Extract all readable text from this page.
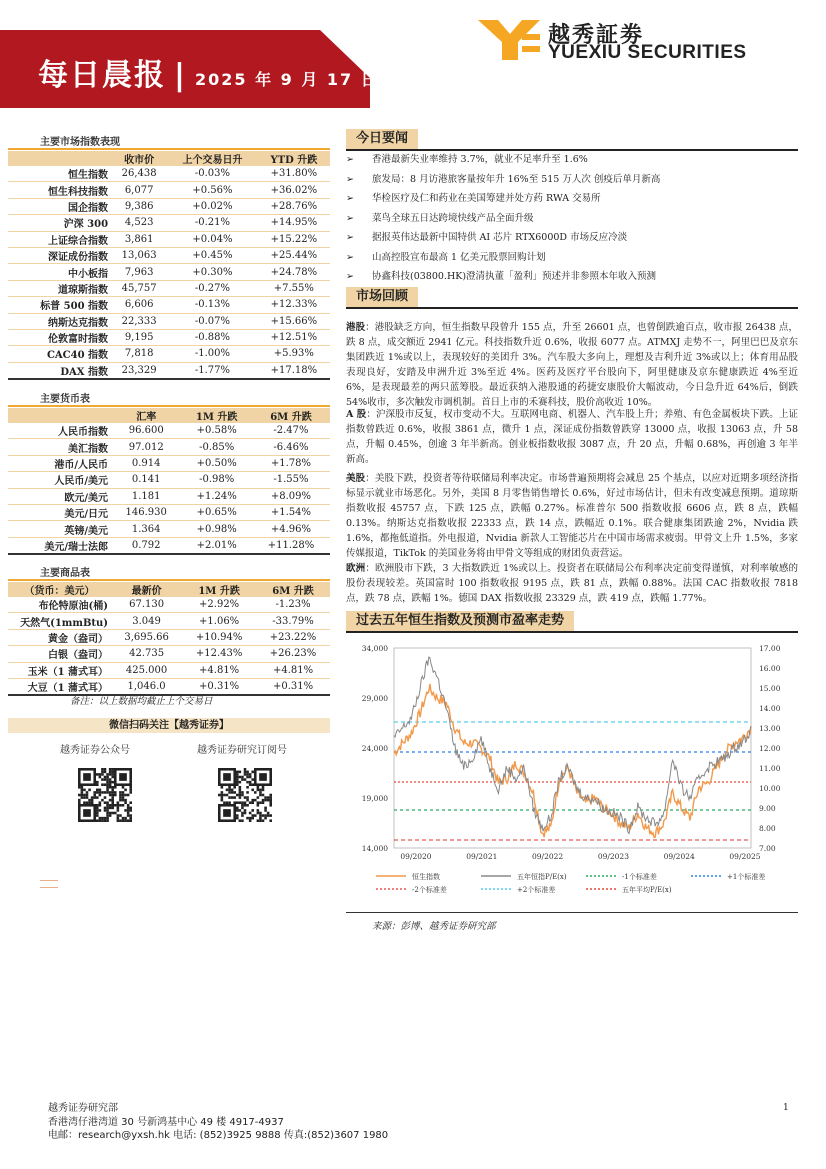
每日晨报 | 2025 年 9 月 17 日
越秀証劵
YUEXIU SECURITIES
主要市场指数表现
	收市价	上个交易日升	YTD 升跌
恒生指数	26,438	-0.03%	+31.80%
恒生科技指数	6,077	+0.56%	+36.02%
国企指数	9,386	+0.02%	+28.76%
沪深 300	4,523	-0.21%	+14.95%
上证综合指数	3,861	+0.04%	+15.22%
深证成份指数	13,063	+0.45%	+25.44%
中小板指	7,963	+0.30%	+24.78%
道琼斯指数	45,757	-0.27%	+7.55%
标普 500 指数	6,606	-0.13%	+12.33%
纳斯达克指数	22,333	-0.07%	+15.66%
伦敦富时指数	9,195	-0.88%	+12.51%
CAC40 指数	7,818	-1.00%	+5.93%
DAX 指数	23,329	-1.77%	+17.18%
主要货币表
	汇率	1M 升跌	6M 升跌
人民币指数	96.600	+0.58%	-2.47%
美汇指数	97.012	-0.85%	-6.46%
港币/人民币	0.914	+0.50%	+1.78%
人民币/美元	0.141	-0.98%	-1.55%
欧元/美元	1.181	+1.24%	+8.09%
美元/日元	146.930	+0.65%	+1.54%
英镑/美元	1.364	+0.98%	+4.96%
美元/瑞士法郎	0.792	+2.01%	+11.28%
主要商品表
（货币：美元）	最新价	1M 升跌	6M 升跌
布伦特原油(桶)	67.130	+2.92%	-1.23%
天然气(1mmBtu)	3.049	+1.06%	-33.79%
黄金（盎司）	3,695.66	+10.94%	+23.22%
白银（盎司）	42.735	+12.43%	+26.23%
玉米（1 蒲式耳）	425.000	+4.81%	+4.81%
大豆（1 蒲式耳）	1,046.0	+0.31%	+0.31%
备注：以上数据均截止上个交易日
微信扫码关注【越秀证券】
越秀证券公众号	越秀证券研究订阅号
今日要闻
➢ 香港最新失业率维持 3.7%，就业不足率升至 1.6%
➢ 旅发局：8 月访港旅客量按年升 16%至 515 万人次 创疫后单月新高
➢ 华检医疗及仁和药业在美国筹建并处方药 RWA 交易所
➢ 菜鸟全球五日达跨境快线产品全面升级
➢ 据报英伟达最新中国特供 AI 芯片 RTX6000D 市场反应冷淡
➢ 山高控股宣布最高 1 亿美元股票回购计划
➢ 协鑫科技(03800.HK)澄清执董「盈利」预述并非参照本年收入预测
市场回顾
港股：港股缺乏方向，恒生指数早段曾升 155 点，升至 26601 点，也曾倒跌逾百点，收市报 26438 点，跌 8 点，成交额近 2941 亿元。科技指数升近 0.6%，收报 6077 点。ATMXJ 走势不一，阿里巴巴及京东集团跌近 1%或以上，表现较好的美团升 3%。汽车股大多向上，理想及吉利升近 3%或以上；体育用品股表现良好，安踏及申洲升近 3%至近 4%。医药及医疗平台股向下，阿里健康及京东健康跌近 4%至近 6%，是表现最差的两只蓝筹股。最近获纳入港股通的药捷安康股价大幅波动，今日急升近 64%后，倒跌 54%收市，多次触发市调机制。首日上市的禾赛科技，股价高收近 10%。
A 股：沪深股市反复，权市变动不大。互联网电商、机器人、汽车股上升；养殖、有色金属板块下跌。上证指数曾跌近 0.6%，收报 3861 点，微升 1 点，深证成份指数曾跌穿 13000 点，收报 13063 点，升 58 点，升幅 0.45%，创逾 3 年半新高。创业板指数收报 3087 点，升 20 点，升幅 0.68%，再创逾 3 年半新高。
美股：美股下跌，投资者等待联储局利率决定。市场普遍预期将会减息 25 个基点，以应对近期多项经济指标显示就业市场恶化。另外，美国 8 月零售销售增长 0.6%，好过市场估计，但未有改变减息预期。道琼斯指数收报 45757 点，下跌 125 点，跌幅 0.27%。标准普尔 500 指数收报 6606 点，跌 8 点，跌幅 0.13%。纳斯达克指数收报 22333 点，跌 14 点，跌幅近 0.1%。联合健康集团跌逾 2%，Nvidia 跌 1.6%，都拖低道指。外电报道，Nvidia 新款人工智能芯片在中国市场需求疲弱。甲骨文上升 1.5%，多家传媒报道，TikTok 的美国业务将由甲骨文等组成的财团负责营运。
欧洲：欧洲股市下跌，3 大指数跌近 1%或以上。投资者在联储局公布利率决定前变得谨慎，对利率敏感的股份表现较差。英国富时 100 指数收报 9195 点，跌 81 点，跌幅 0.88%。法国 CAC 指数收报 7818 点，跌 78 点，跌幅 1%。德国 DAX 指数收报 23329 点，跌 419 点，跌幅 1.77%。
过去五年恒生指数及预测市盈率走势
14,000
19,000
24,000
29,000
34,000
7.00
8.00
9.00
10.00
11.00
12.00
13.00
14.00
15.00
16.00
17.00
09/2020	09/2021	09/2022	09/2023	09/2024	09/2025
恒生指数	五年恒指P/E(x)	-1个标准差	+1个标准差
-2个标准差	+2个标准差	五年平均P/E(x)
来源：彭博、越秀证券研究部
越秀证券研究部
香港湾仔港湾道 30 号新鸿基中心 49 楼 4917-4937
电邮：research@yxsh.hk 电话: (852)3925 9888 传真:(852)3607 1980
1
